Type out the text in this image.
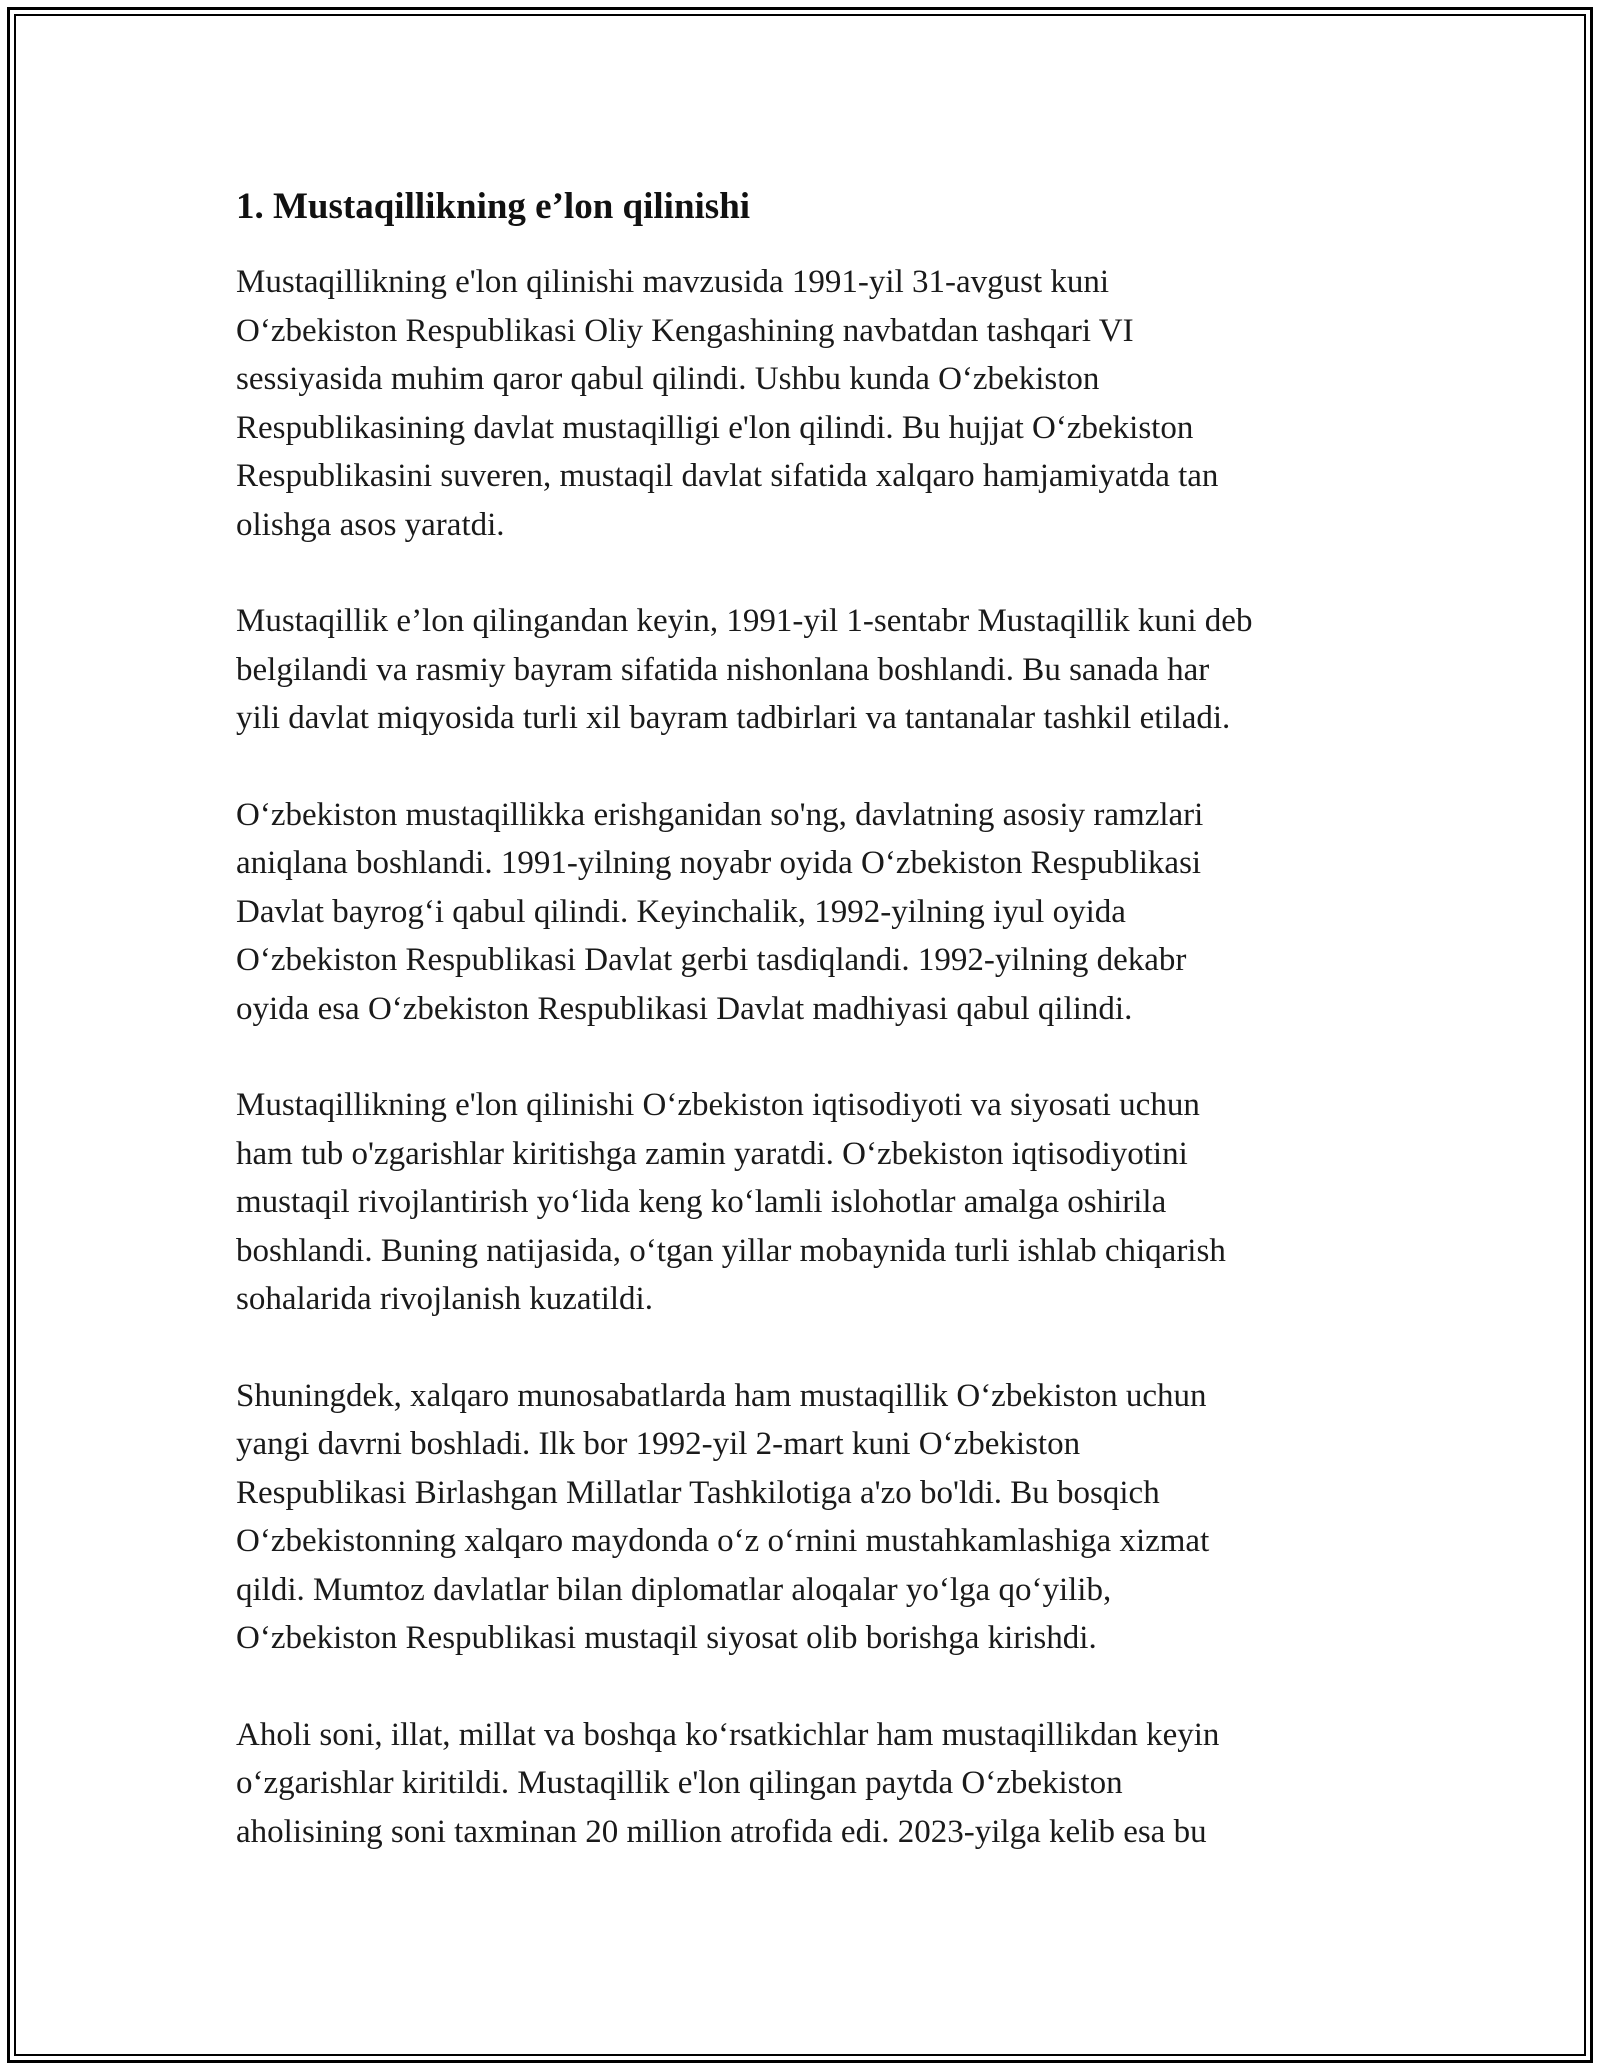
1. Mustaqillikning e’lon qilinishi
Mustaqillikning e'lon qilinishi mavzusida 1991-yil 31-avgust kuni
O‘zbekiston Respublikasi Oliy Kengashining navbatdan tashqari VI
sessiyasida muhim qaror qabul qilindi. Ushbu kunda O‘zbekiston
Respublikasining davlat mustaqilligi e'lon qilindi. Bu hujjat O‘zbekiston
Respublikasini suveren, mustaqil davlat sifatida xalqaro hamjamiyatda tan
olishga asos yaratdi.
Mustaqillik e’lon qilingandan keyin, 1991-yil 1-sentabr Mustaqillik kuni deb
belgilandi va rasmiy bayram sifatida nishonlana boshlandi. Bu sanada har
yili davlat miqyosida turli xil bayram tadbirlari va tantanalar tashkil etiladi.
O‘zbekiston mustaqillikka erishganidan so'ng, davlatning asosiy ramzlari
aniqlana boshlandi. 1991-yilning noyabr oyida O‘zbekiston Respublikasi
Davlat bayrog‘i qabul qilindi. Keyinchalik, 1992-yilning iyul oyida
O‘zbekiston Respublikasi Davlat gerbi tasdiqlandi. 1992-yilning dekabr
oyida esa O‘zbekiston Respublikasi Davlat madhiyasi qabul qilindi.
Mustaqillikning e'lon qilinishi O‘zbekiston iqtisodiyoti va siyosati uchun
ham tub o'zgarishlar kiritishga zamin yaratdi. O‘zbekiston iqtisodiyotini
mustaqil rivojlantirish yo‘lida keng ko‘lamli islohotlar amalga oshirila
boshlandi. Buning natijasida, o‘tgan yillar mobaynida turli ishlab chiqarish
sohalarida rivojlanish kuzatildi.
Shuningdek, xalqaro munosabatlarda ham mustaqillik O‘zbekiston uchun
yangi davrni boshladi. Ilk bor 1992-yil 2-mart kuni O‘zbekiston
Respublikasi Birlashgan Millatlar Tashkilotiga a'zo bo'ldi. Bu bosqich
O‘zbekistonning xalqaro maydonda o‘z o‘rnini mustahkamlashiga xizmat
qildi. Mumtoz davlatlar bilan diplomatlar aloqalar yo‘lga qo‘yilib,
O‘zbekiston Respublikasi mustaqil siyosat olib borishga kirishdi.
Aholi soni, illat, millat va boshqa ko‘rsatkichlar ham mustaqillikdan keyin
o‘zgarishlar kiritildi. Mustaqillik e'lon qilingan paytda O‘zbekiston
aholisining soni taxminan 20 million atrofida edi. 2023-yilga kelib esa bu
